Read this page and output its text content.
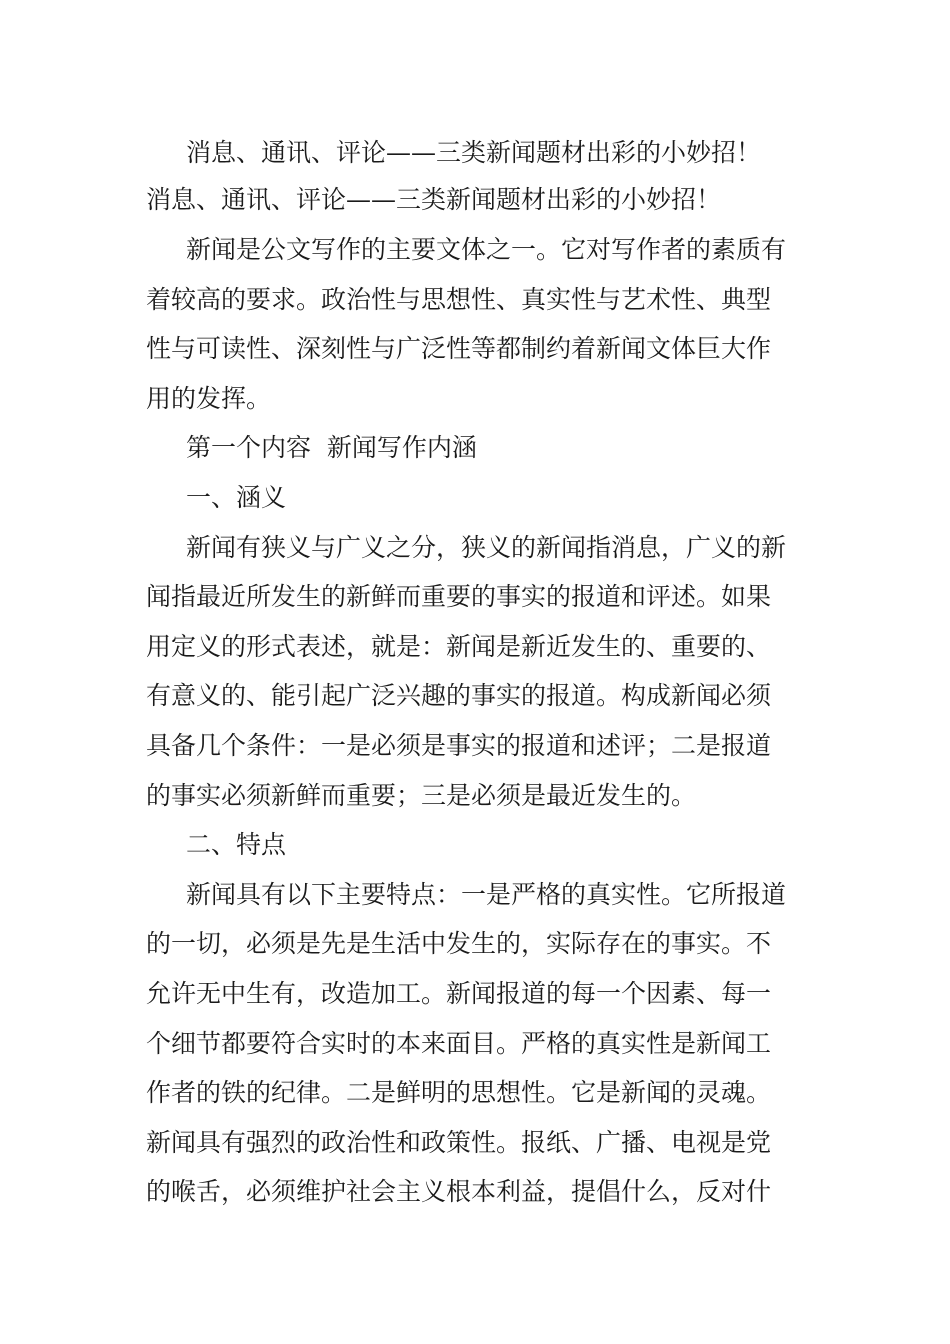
消息、通讯、评论——三类新闻题材出彩的小妙招！
消息、通讯、评论——三类新闻题材出彩的小妙招！
新闻是公文写作的主要文体之一。它对写作者的素质有
着较高的要求。政治性与思想性、真实性与艺术性、典型
性与可读性、深刻性与广泛性等都制约着新闻文体巨大作
用的发挥。
第一个内容  新闻写作内涵
一、涵义
新闻有狭义与广义之分，狭义的新闻指消息，广义的新
闻指最近所发生的新鲜而重要的事实的报道和评述。如果
用定义的形式表述，就是：新闻是新近发生的、重要的、
有意义的、能引起广泛兴趣的事实的报道。构成新闻必须
具备几个条件：一是必须是事实的报道和述评；二是报道
的事实必须新鲜而重要；三是必须是最近发生的。
二、特点
新闻具有以下主要特点：一是严格的真实性。它所报道
的一切，必须是先是生活中发生的，实际存在的事实。不
允许无中生有，改造加工。新闻报道的每一个因素、每一
个细节都要符合实时的本来面目。严格的真实性是新闻工
作者的铁的纪律。二是鲜明的思想性。它是新闻的灵魂。
新闻具有强烈的政治性和政策性。报纸、广播、电视是党
的喉舌，必须维护社会主义根本利益，提倡什么，反对什
